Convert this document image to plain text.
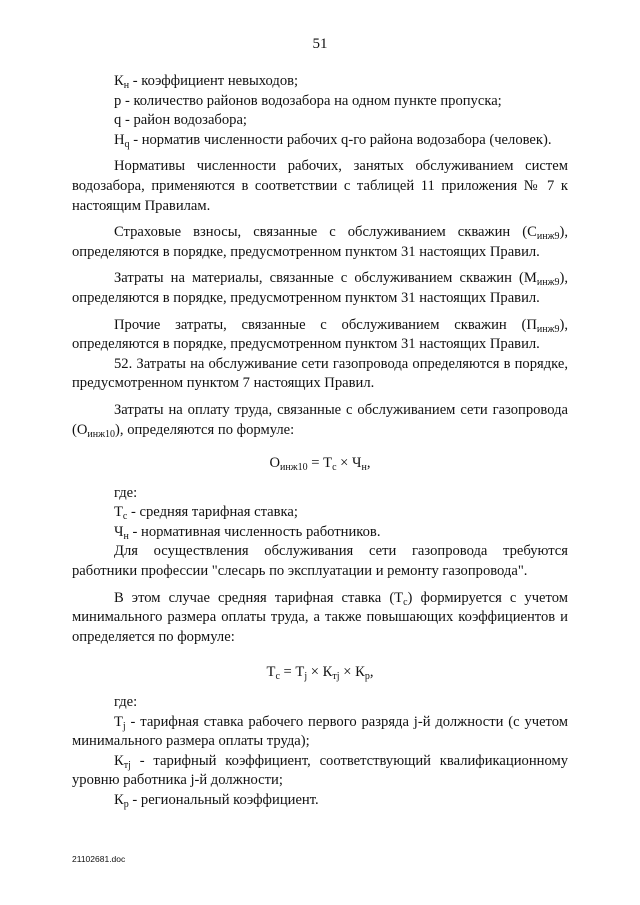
51

$К_н$ - коэффициент невыходов;

р - количество районов водозабора на одном пункте пропуска;

q - район водозабора;

$Н_q$ - норматив численности рабочих q-го района водозабора (человек).

Нормативы численности рабочих, занятых обслуживанием систем водозабора, применяются в соответствии с таблицей 11 приложения № 7 к настоящим Правилам.

Страховые взносы, связанные с обслуживанием скважин $(С_{инж9})$, определяются в порядке, предусмотренном пунктом 31 настоящих Правил.

Затраты на материалы, связанные с обслуживанием скважин $(М_{инж9})$, определяются в порядке, предусмотренном пунктом 31 настоящих Правил.

Прочие затраты, связанные с обслуживанием скважин $(П_{инж9})$, определяются в порядке, предусмотренном пунктом 31 настоящих Правил.

52. Затраты на обслуживание сети газопровода определяются в порядке, предусмотренном пунктом 7 настоящих Правил.

Затраты на оплату труда, связанные с обслуживанием сети газопровода $(О_{инж10})$, определяются по формуле:

$О_{инж10} = Т_с \times Ч_н$,

где:

$Т_с$ - средняя тарифная ставка;

$Ч_н$ - нормативная численность работников.

Для осуществления обслуживания сети газопровода требуются работники профессии "слесарь по эксплуатации и ремонту газопровода".

В этом случае средняя тарифная ставка $(Т_с)$ формируется с учетом минимального размера оплаты труда, а также повышающих коэффициентов и определяется по формуле:

$Т_с = Т_j \times К_{тj} \times К_р$,

где:

$Т_j$ - тарифная ставка рабочего первого разряда j-й должности (с учетом минимального размера оплаты труда);

$К_{тj}$ - тарифный коэффициент, соответствующий квалификационному уровню работника j-й должности;

$К_р$ - региональный коэффициент.

21102681.doc
